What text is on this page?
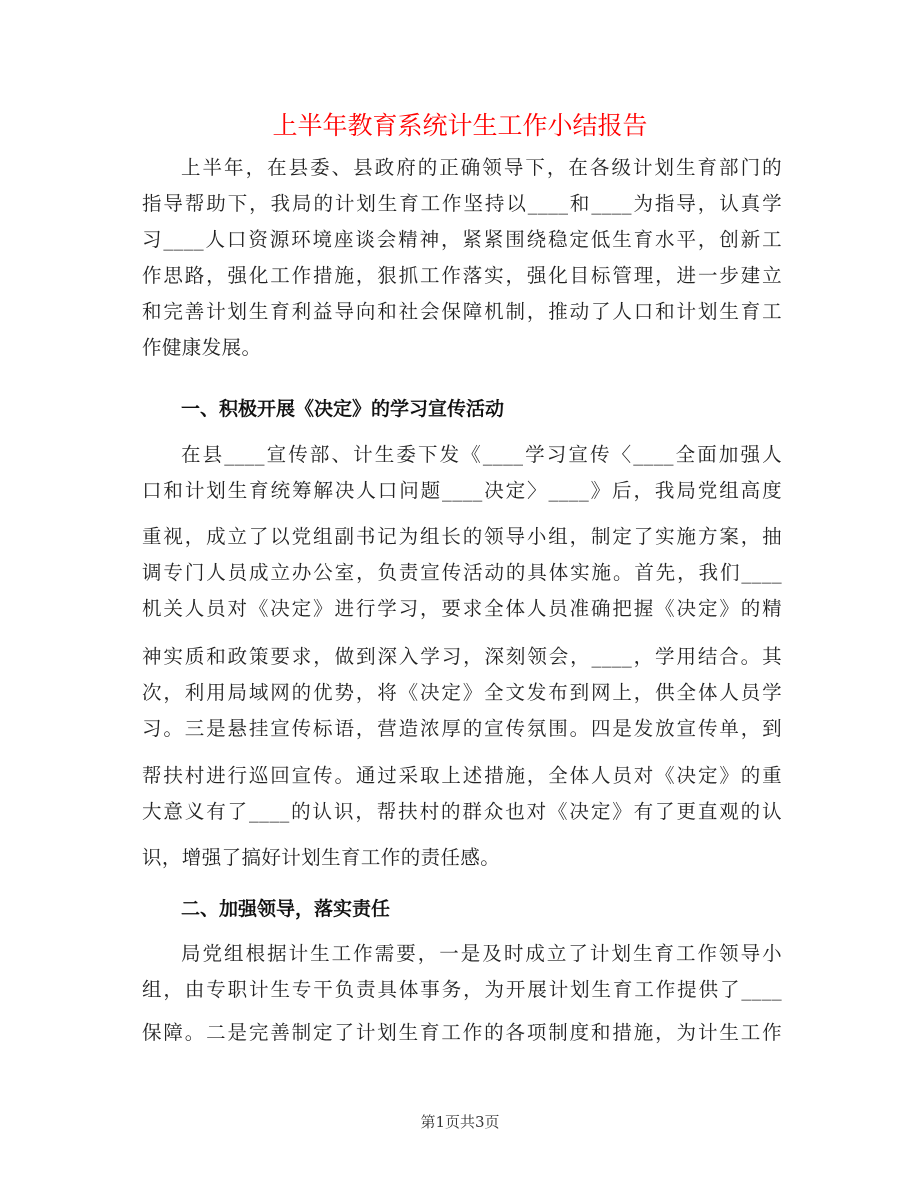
上半年教育系统计生工作小结报告
上半年，在县委、县政府的正确领导下，在各级计划生育部门的
指导帮助下，我局的计划生育工作坚持以____和____为指导，认真学
习____人口资源环境座谈会精神，紧紧围绕稳定低生育水平，创新工
作思路，强化工作措施，狠抓工作落实，强化目标管理，进一步建立
和完善计划生育利益导向和社会保障机制，推动了人口和计划生育工
作健康发展。
一、积极开展《决定》的学习宣传活动
在县____宣传部、计生委下发《____学习宣传〈____全面加强人
口和计划生育统筹解决人口问题____决定〉____》后，我局党组高度
重视，成立了以党组副书记为组长的领导小组，制定了实施方案，抽
调专门人员成立办公室，负责宣传活动的具体实施。首先，我们____
机关人员对《决定》进行学习，要求全体人员准确把握《决定》的精
神实质和政策要求，做到深入学习，深刻领会，____，学用结合。其
次，利用局域网的优势，将《决定》全文发布到网上，供全体人员学
习。三是悬挂宣传标语，营造浓厚的宣传氛围。四是发放宣传单，到
帮扶村进行巡回宣传。通过采取上述措施，全体人员对《决定》的重
大意义有了____的认识，帮扶村的群众也对《决定》有了更直观的认
识，增强了搞好计划生育工作的责任感。
二、加强领导，落实责任
局党组根据计生工作需要，一是及时成立了计划生育工作领导小
组，由专职计生专干负责具体事务，为开展计划生育工作提供了____
保障。二是完善制定了计划生育工作的各项制度和措施，为计生工作
第1页共3页
